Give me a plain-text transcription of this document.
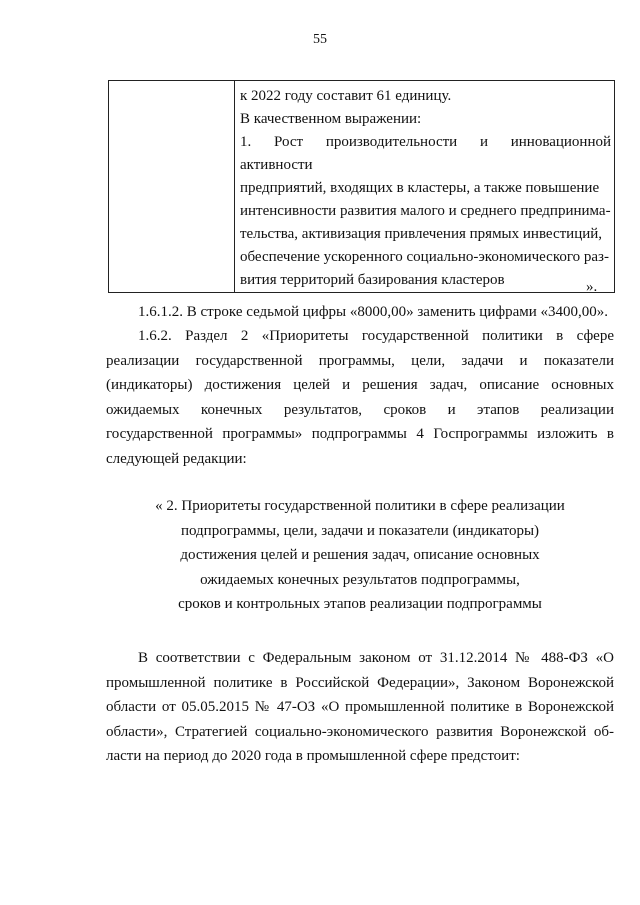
55

к 2022 году составит 61 единицу.
В качественном выражении:
1. Рост производительности и инновационной активности
предприятий, входящих в кластеры, а также повышение
интенсивности развития малого и среднего предпринима-
тельства, активизация привлечения прямых инвестиций,
обеспечение ускоренного социально-экономического раз-
вития территорий базирования кластеров	».

1.6.1.2. В строке седьмой цифры «8000,00» заменить цифрами «3400,00».

1.6.2. Раздел 2 «Приоритеты государственной политики в сфере
реализации государственной программы, цели, задачи и показатели
(индикаторы) достижения целей и решения задач, описание основных
ожидаемых конечных результатов, сроков и этапов реализации
государственной программы» подпрограммы 4 Госпрограммы изложить в
следующей редакции:

« 2. Приоритеты государственной политики в сфере реализации
подпрограммы, цели, задачи и показатели (индикаторы)
достижения целей и решения задач, описание основных
ожидаемых конечных результатов подпрограммы,
сроков и контрольных этапов реализации подпрограммы

В соответствии с Федеральным законом от 31.12.2014 № 488-ФЗ «О
промышленной политике в Российской Федерации», Законом Воронежской
области от 05.05.2015 № 47-ОЗ «О промышленной политике в Воронежской
области», Стратегией социально-экономического развития Воронежской об-
ласти на период до 2020 года в промышленной сфере предстоит:
